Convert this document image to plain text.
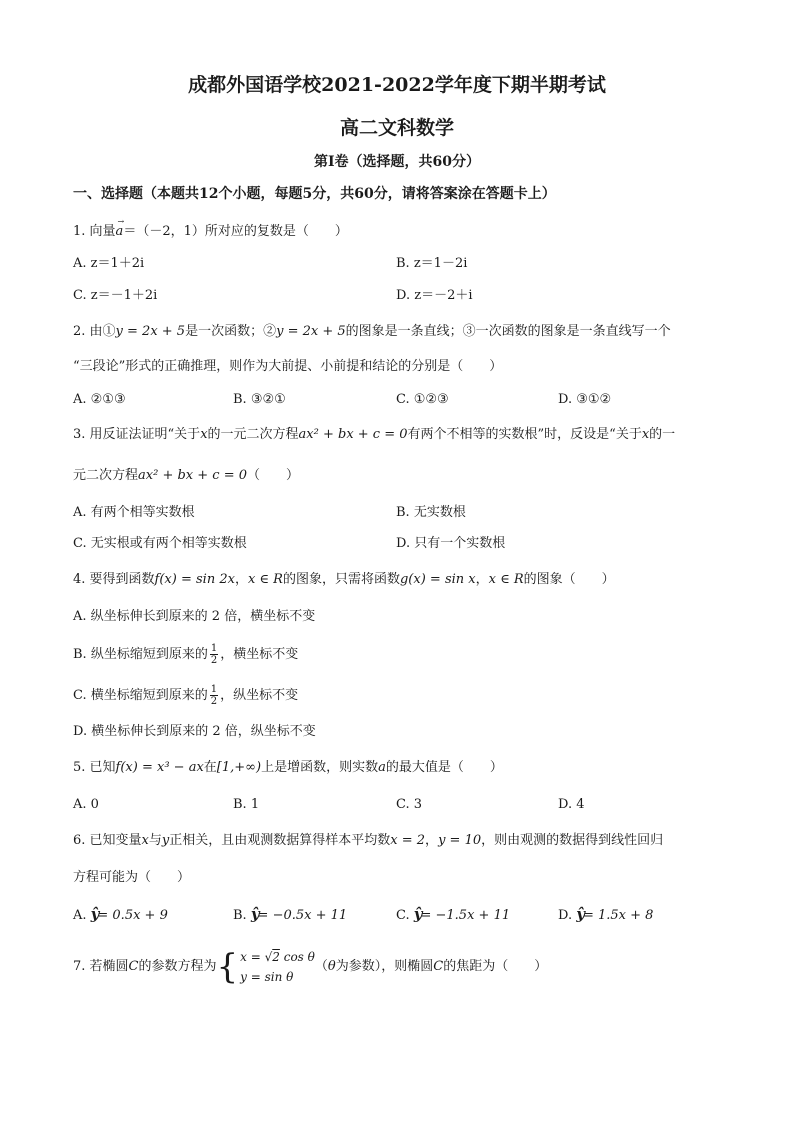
成都外国语学校2021-2022学年度下期半期考试
高二文科数学
第I卷（选择题，共60分）
一、选择题（本题共12个小题，每题5分，共60分，请将答案涂在答题卡上）
1. 向量
→
a＝（－2，1）所对应的复数是（　　）
A. z＝1＋2i	B. z＝1－2i
C. z＝－1＋2i	D. z＝－2＋i
2. 由①y = 2x + 5是一次函数；②y = 2x + 5的图象是一条直线；③一次函数的图象是一条直线写一个
“三段论”形式的正确推理，则作为大前提、小前提和结论的分别是（　　）
A. ②①③	B. ③②①	C. ①②③	D. ③①②
3. 用反证法证明“关于x的一元二次方程ax² + bx + c = 0有两个不相等的实数根”时，反设是“关于x的一
元二次方程ax² + bx + c = 0（　　）
A. 有两个相等实数根	B. 无实数根
C. 无实根或有两个相等实数根	D. 只有一个实数根
4. 要得到函数f(x) = sin 2x，x ∈ R的图象，只需将函数g(x) = sin x，x ∈ R的图象（　　）
A. 纵坐标伸长到原来的 2 倍，横坐标不变
B. 纵坐标缩短到原来的 $\frac{1}{2}$ ，横坐标不变
C. 横坐标缩短到原来的 $\frac{1}{2}$ ，纵坐标不变
D. 横坐标伸长到原来的 2 倍，纵坐标不变
5. 已知f(x) = x³ − ax在[1,+∞)上是增函数，则实数a的最大值是（　　）
A. 0	B. 1	C. 3	D. 4
6. 已知变量x与y正相关，且由观测数据算得样本平均数x = 2，y = 10，则由观测的数据得到线性回归
方程可能为（　　）
A. ŷ= 0.5x + 9	B. ŷ= −0.5x + 11	C. ŷ= −1.5x + 11	D. ŷ= 1.5x + 8
7. 若椭圆C的参数方程为{ x = √2 cos θ
y = sin θ
（θ为参数），则椭圆C的焦距为（　　）
